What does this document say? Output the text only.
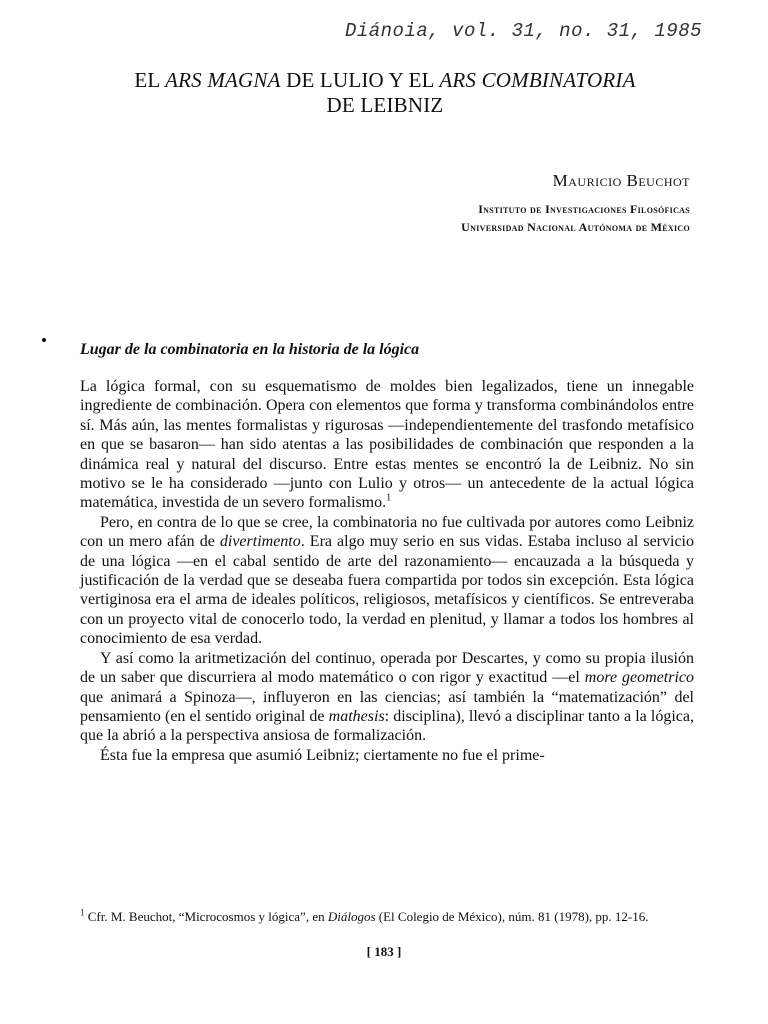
Diánoia, vol. 31, no. 31, 1985

EL ARS MAGNA DE LULIO Y EL ARS COMBINATORIA
DE LEIBNIZ

Mauricio Beuchot

Instituto de Investigaciones Filosóficas
Universidad Nacional Autónoma de México
Lugar de la combinatoria en la historia de la lógica

La lógica formal, con su esquematismo de moldes bien legalizados, tiene un innegable ingrediente de combinación. Opera con elementos que forma y transforma combinándolos entre sí. Más aún, las mentes formalistas y rigurosas —independientemente del trasfondo metafísico en que se basaron— han sido atentas a las posibilidades de combinación que responden a la dinámica real y natural del discurso. Entre estas mentes se encontró la de Leibniz. No sin motivo se le ha considerado —junto con Lulio y otros— un antecedente de la actual lógica matemática, investida de un severo formalismo.$^1$

Pero, en contra de lo que se cree, la combinatoria no fue cultivada por autores como Leibniz con un mero afán de divertimento. Era algo muy serio en sus vidas. Estaba incluso al servicio de una lógica —en el cabal sentido de arte del razonamiento— encauzada a la búsqueda y justificación de la verdad que se deseaba fuera compartida por todos sin excepción. Esta lógica vertiginosa era el arma de ideales políticos, religiosos, metafísicos y científicos. Se entreveraba con un proyecto vital de conocerlo todo, la verdad en plenitud, y llamar a todos los hombres al conocimiento de esa verdad.

Y así como la aritmetización del continuo, operada por Descartes, y como su propia ilusión de un saber que discurriera al modo matemático o con rigor y exactitud —el more geometrico que animará a Spinoza—, influyeron en las ciencias; así también la “matematización” del pensamiento (en el sentido original de mathesis: disciplina), llevó a disciplinar tanto a la lógica, que la abrió a la perspectiva ansiosa de formalización.

Ésta fue la empresa que asumió Leibniz; ciertamente no fue el prime-

$^1$ Cfr. M. Beuchot, “Microcosmos y lógica”, en Diálogos (El Colegio de México), núm. 81 (1978), pp. 12-16.

[ 183 ]
